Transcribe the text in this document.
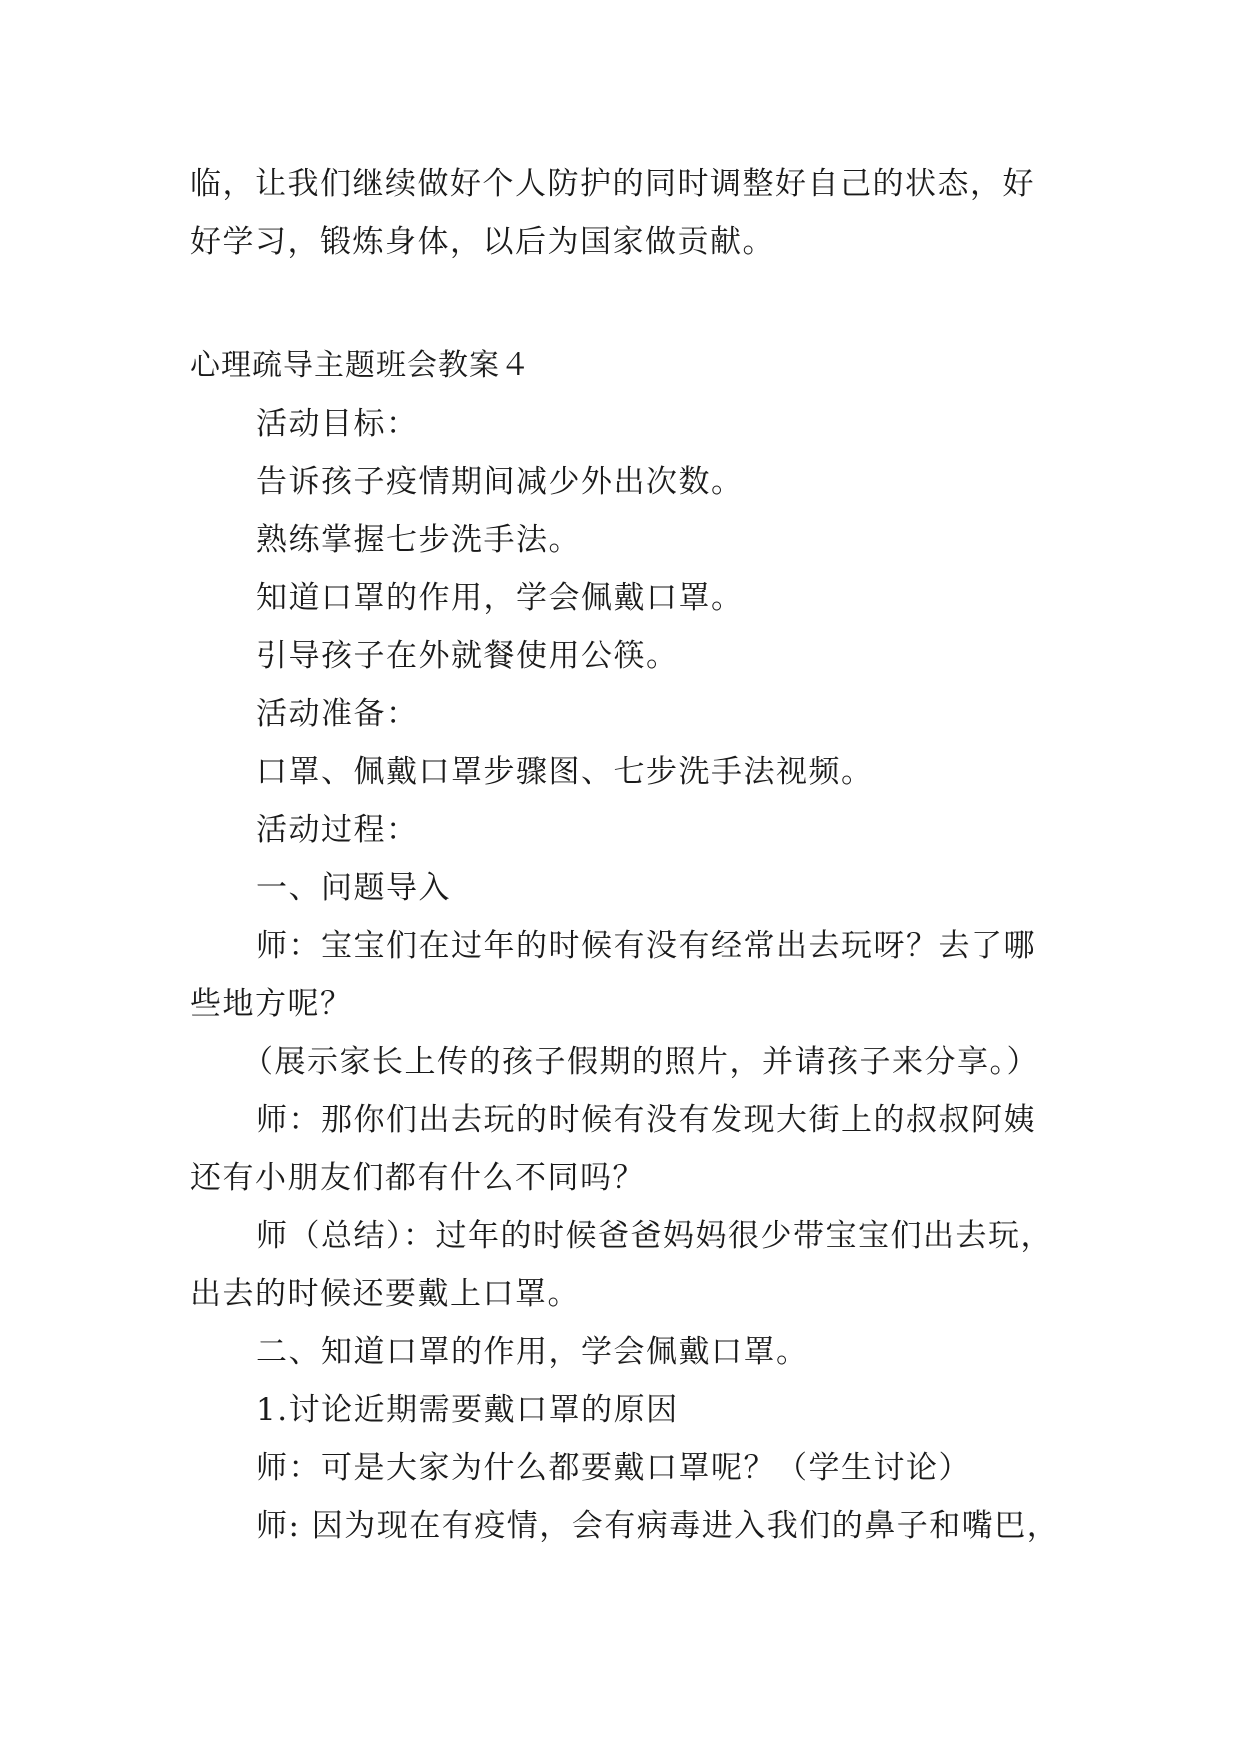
临，让我们继续做好个人防护的同时调整好自己的状态，好
好学习，锻炼身体，以后为国家做贡献。
心理疏导主题班会教案４
活动目标：
告诉孩子疫情期间减少外出次数。
熟练掌握七步洗手法。
知道口罩的作用，学会佩戴口罩。
引导孩子在外就餐使用公筷。
活动准备：
口罩、佩戴口罩步骤图、七步洗手法视频。
活动过程：
一、问题导入
师：宝宝们在过年的时候有没有经常出去玩呀？去了哪
些地方呢？
（展示家长上传的孩子假期的照片，并请孩子来分享。）
师：那你们出去玩的时候有没有发现大街上的叔叔阿姨
还有小朋友们都有什么不同吗？
师（总结）：过年的时候爸爸妈妈很少带宝宝们出去玩，
出去的时候还要戴上口罩。
二、知道口罩的作用，学会佩戴口罩。
1.讨论近期需要戴口罩的原因
师：可是大家为什么都要戴口罩呢？（学生讨论）
师: 因为现在有疫情，会有病毒进入我们的鼻子和嘴巴，
